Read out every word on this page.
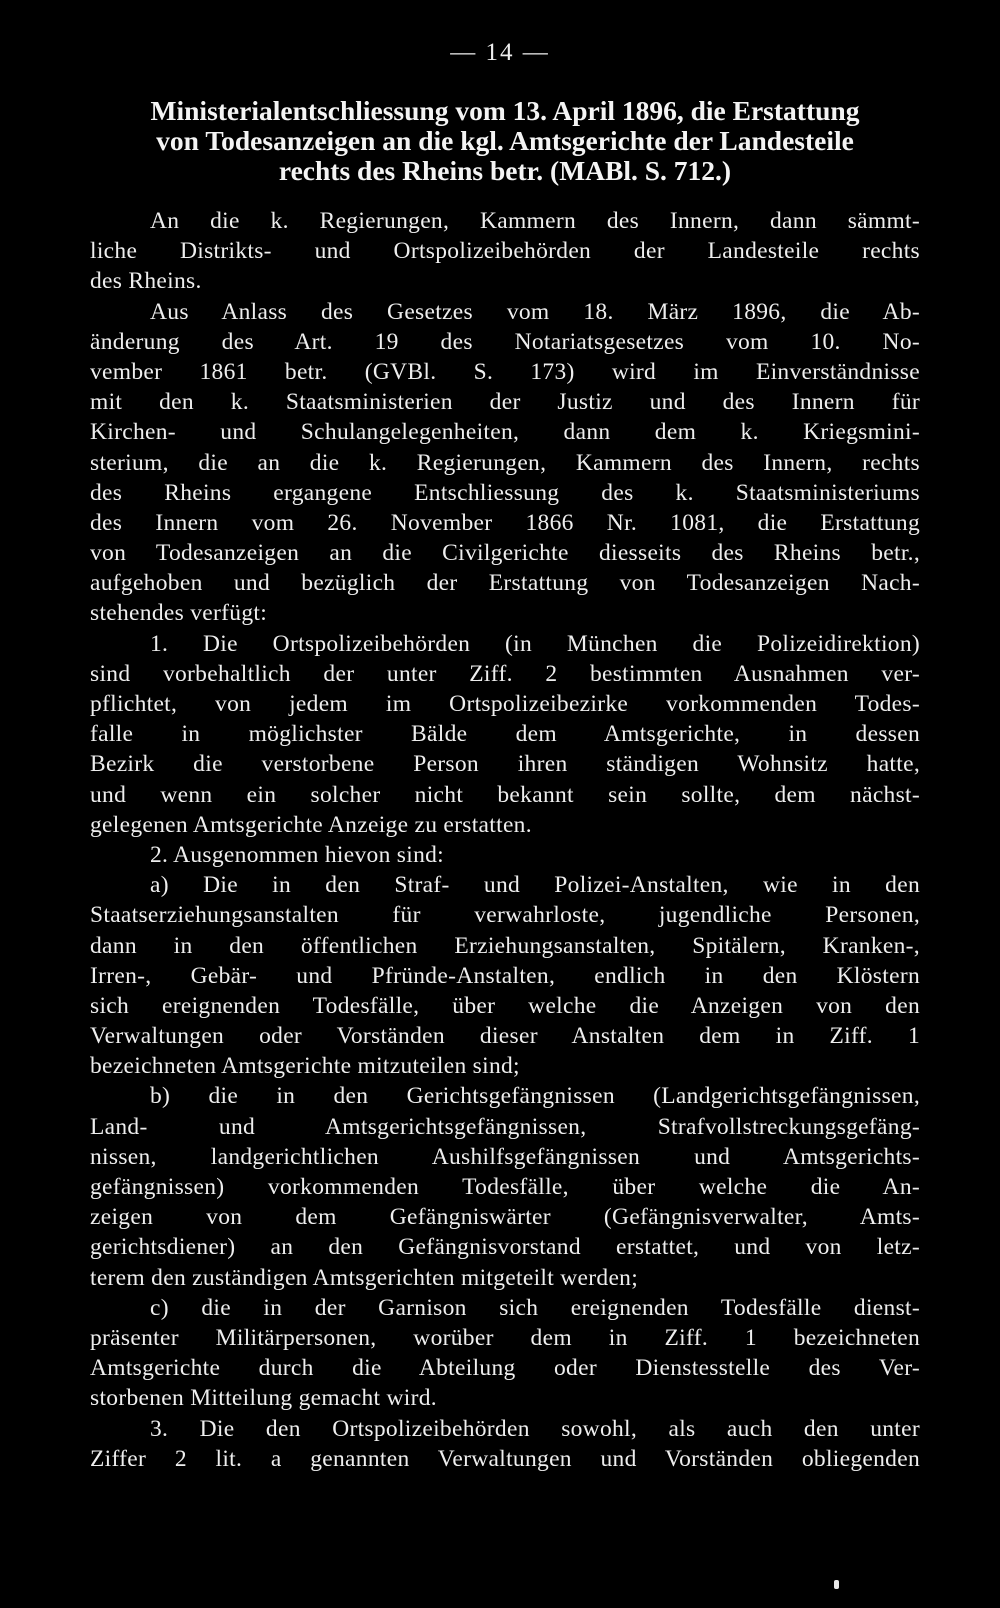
— 14 —
Ministerialentschliessung vom 13. April 1896, die Erstattung
von Todesanzeigen an die kgl. Amtsgerichte der Landesteile
rechts des Rheins betr. (MABl. S. 712.)
An die k. Regierungen, Kammern des Innern, dann sämmt-
liche Distrikts- und Ortspolizeibehörden der Landesteile rechts
des Rheins.
Aus Anlass des Gesetzes vom 18. März 1896, die Ab-
änderung des Art. 19 des Notariatsgesetzes vom 10. No-
vember 1861 betr. (GVBl. S. 173) wird im Einverständnisse
mit den k. Staatsministerien der Justiz und des Innern für
Kirchen- und Schulangelegenheiten, dann dem k. Kriegsmini-
sterium, die an die k. Regierungen, Kammern des Innern, rechts
des Rheins ergangene Entschliessung des k. Staatsministeriums
des Innern vom 26. November 1866 Nr. 1081, die Erstattung
von Todesanzeigen an die Civilgerichte diesseits des Rheins betr.,
aufgehoben und bezüglich der Erstattung von Todesanzeigen Nach-
stehendes verfügt:
1. Die Ortspolizeibehörden (in München die Polizeidirektion)
sind vorbehaltlich der unter Ziff. 2 bestimmten Ausnahmen ver-
pflichtet, von jedem im Ortspolizeibezirke vorkommenden Todes-
falle in möglichster Bälde dem Amtsgerichte, in dessen
Bezirk die verstorbene Person ihren ständigen Wohnsitz hatte,
und wenn ein solcher nicht bekannt sein sollte, dem nächst-
gelegenen Amtsgerichte Anzeige zu erstatten.
2. Ausgenommen hievon sind:
a) Die in den Straf- und Polizei-Anstalten, wie in den
Staatserziehungsanstalten für verwahrloste, jugendliche Personen,
dann in den öffentlichen Erziehungsanstalten, Spitälern, Kranken-,
Irren-, Gebär- und Pfründe-Anstalten, endlich in den Klöstern
sich ereignenden Todesfälle, über welche die Anzeigen von den
Verwaltungen oder Vorständen dieser Anstalten dem in Ziff. 1
bezeichneten Amtsgerichte mitzuteilen sind;
b) die in den Gerichtsgefängnissen (Landgerichtsgefängnissen,
Land- und Amtsgerichtsgefängnissen, Strafvollstreckungsgefäng-
nissen, landgerichtlichen Aushilfsgefängnissen und Amtsgerichts-
gefängnissen) vorkommenden Todesfälle, über welche die An-
zeigen von dem Gefängniswärter (Gefängnisverwalter, Amts-
gerichtsdiener) an den Gefängnisvorstand erstattet, und von letz-
terem den zuständigen Amtsgerichten mitgeteilt werden;
c) die in der Garnison sich ereignenden Todesfälle dienst-
präsenter Militärpersonen, worüber dem in Ziff. 1 bezeichneten
Amtsgerichte durch die Abteilung oder Dienstesstelle des Ver-
storbenen Mitteilung gemacht wird.
3. Die den Ortspolizeibehörden sowohl, als auch den unter
Ziffer 2 lit. a genannten Verwaltungen und Vorständen obliegenden
